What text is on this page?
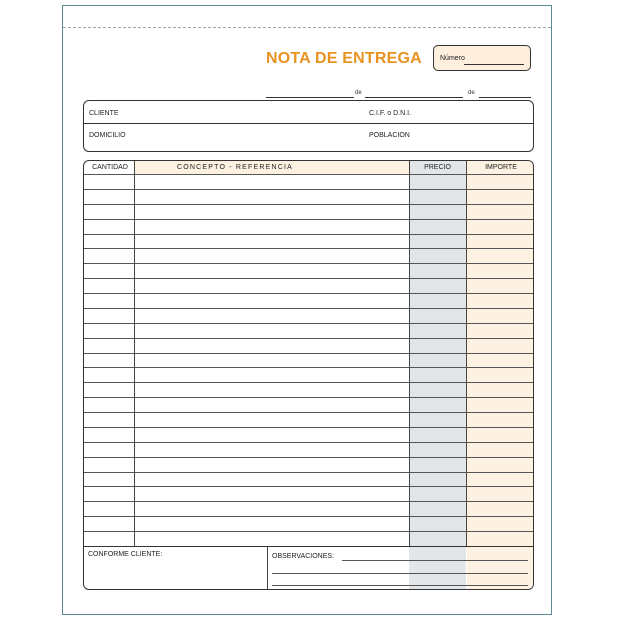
NOTA DE ENTREGA	Número
de	de
CLIENTE	C.I.F. o D.N.I.
DOMICILIO	POBLACION
CANTIDAD	CONCEPTO - REFERENCIA	PRECIO	IMPORTE
CONFORME CLIENTE:	OBSERVACIONES:
